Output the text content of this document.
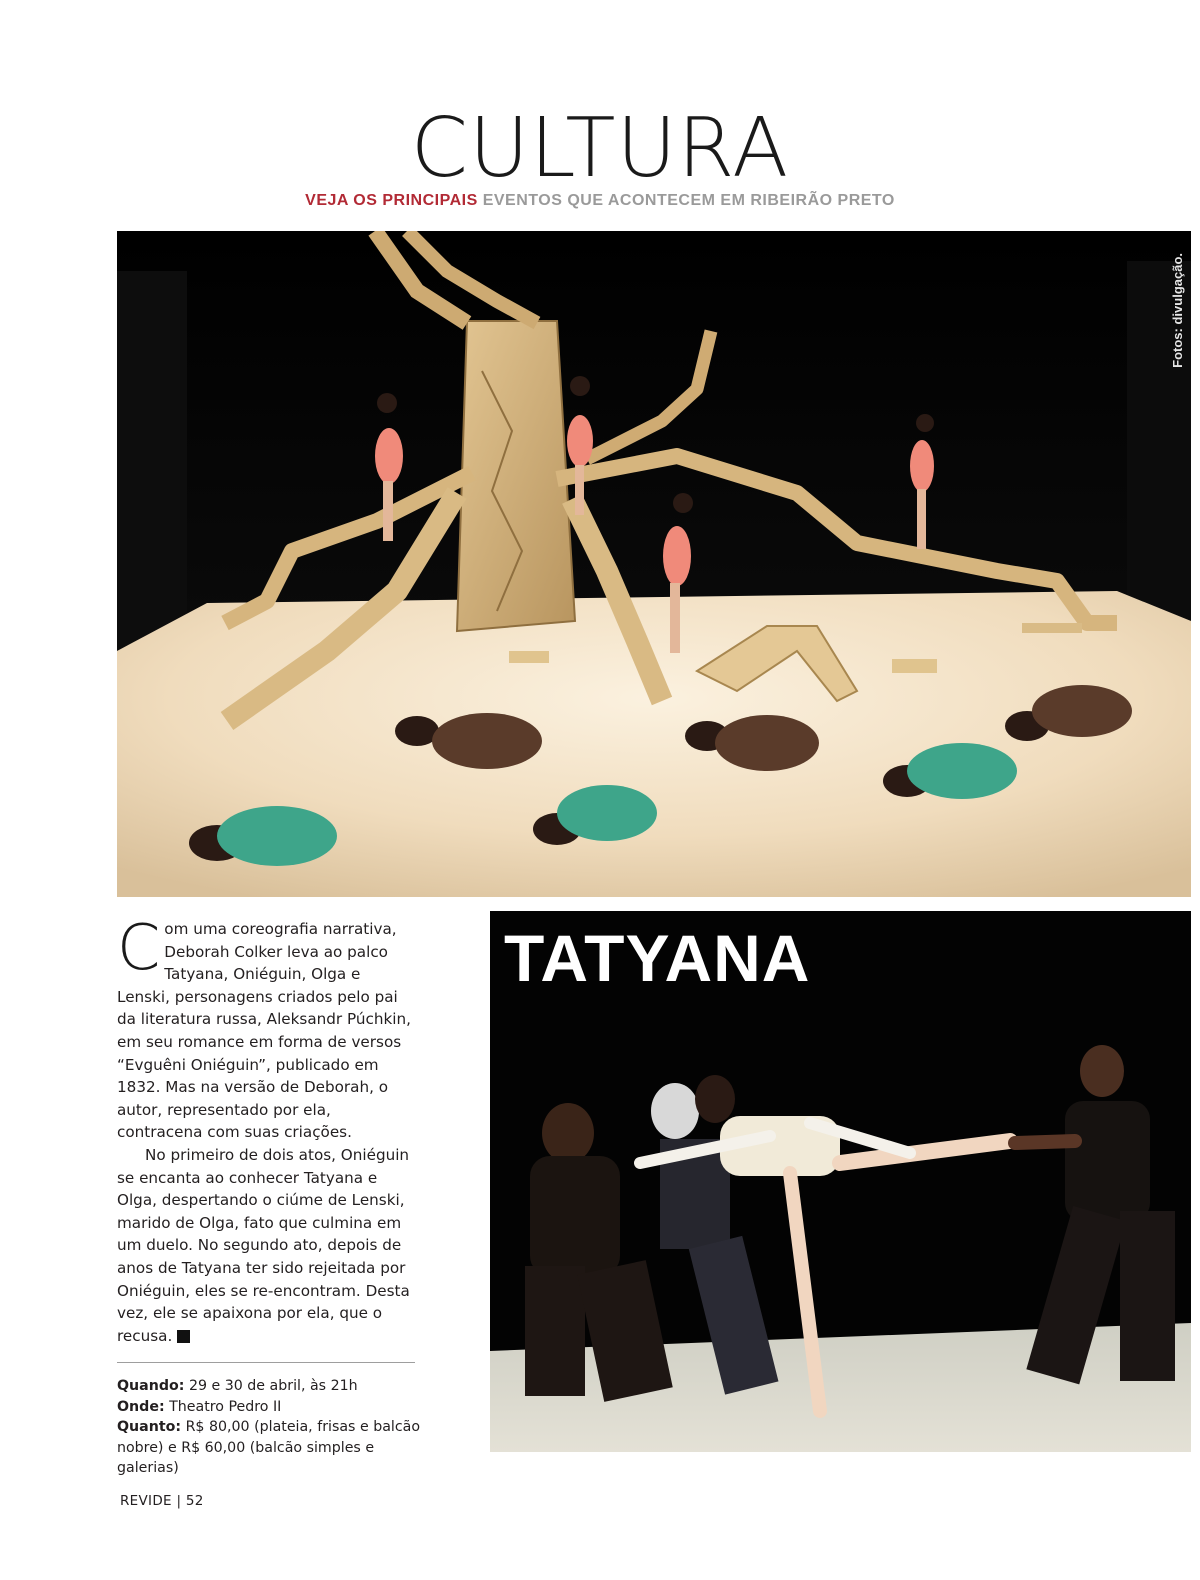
CULTURA
VEJA OS PRINCIPAIS EVENTOS QUE ACONTECEM EM RIBEIRÃO PRETO
Fotos: divulgação.

Com uma coreografia narrativa, Deborah Colker leva ao palco Tatyana, Oniéguin, Olga e Lenski, personagens criados pelo pai da literatura russa, Aleksandr Púchkin, em seu romance em forma de versos “Evguêni Oniéguin”, publicado em 1832. Mas na versão de Deborah, o autor, representado por ela, contracena com suas criações.

No primeiro de dois atos, Oniéguin se encanta ao conhecer Tatyana e Olga, despertando o ciúme de Lenski, marido de Olga, fato que culmina em um duelo. No segundo ato, depois de anos de Tatyana ter sido rejeitada por Oniéguin, eles se re-encontram. Desta vez, ele se apaixona por ela, que o recusa.	r

Quando: 29 e 30 de abril, às 21h
Onde: Theatro Pedro II
Quanto: R$ 80,00 (plateia, frisas e balcão nobre) e R$ 60,00 (balcão simples e galerias)
TATYANA
REVIDE | 52
